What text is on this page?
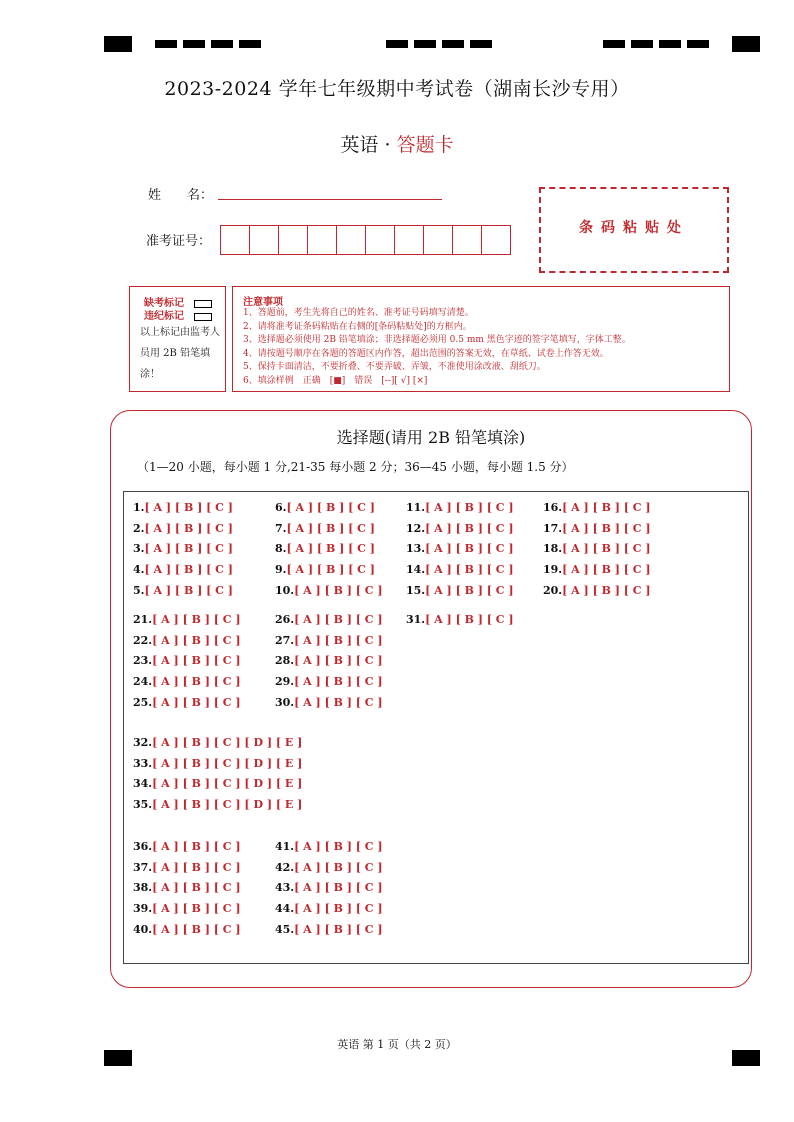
2023-2024 学年七年级期中考试卷（湖南长沙专用）
英语 · 答题卡
姓　　名：
准考证号：
条码粘贴处
缺考标记
违纪标记
以上标记由监考人员用 2B 铅笔填涂！
注意事项
1、答题前，考生先将自己的姓名、准考证号码填写清楚。
2、请将准考证条码粘贴在右侧的[条码粘贴处]的方框内。
3、选择题必须使用 2B 铅笔填涂；非选择题必须用 0.5 mm 黑色字迹的签字笔填写，字体工整。
4、请按题号顺序在各题的答题区内作答，超出范围的答案无效，在草纸、试卷上作答无效。
5、保持卡面清洁，不要折叠、不要弄破、弄皱，不准使用涂改液、刮纸刀。
6、填涂样例　正确　[■]　错误　[--][ √] [×]
选择题(请用 2B 铅笔填涂)
（1—20 小题，每小题 1 分,21-35 每小题 2 分；36—45 小题，每小题 1.5 分）
英语 第 1 页（共 2 页）
1.[ A ] [ B ] [ C ]
2.[ A ] [ B ] [ C ]
3.[ A ] [ B ] [ C ]
4.[ A ] [ B ] [ C ]
5.[ A ] [ B ] [ C ]
6.[ A ] [ B ] [ C ]
7.[ A ] [ B ] [ C ]
8.[ A ] [ B ] [ C ]
9.[ A ] [ B ] [ C ]
10.[ A ] [ B ] [ C ]
11.[ A ] [ B ] [ C ]
12.[ A ] [ B ] [ C ]
13.[ A ] [ B ] [ C ]
14.[ A ] [ B ] [ C ]
15.[ A ] [ B ] [ C ]
16.[ A ] [ B ] [ C ]
17.[ A ] [ B ] [ C ]
18.[ A ] [ B ] [ C ]
19.[ A ] [ B ] [ C ]
20.[ A ] [ B ] [ C ]
21.[ A ] [ B ] [ C ]
22.[ A ] [ B ] [ C ]
23.[ A ] [ B ] [ C ]
24.[ A ] [ B ] [ C ]
25.[ A ] [ B ] [ C ]
26.[ A ] [ B ] [ C ]
27.[ A ] [ B ] [ C ]
28.[ A ] [ B ] [ C ]
29.[ A ] [ B ] [ C ]
30.[ A ] [ B ] [ C ]
31.[ A ] [ B ] [ C ]
32.[ A ] [ B ] [ C ] [ D ] [ E ]
33.[ A ] [ B ] [ C ] [ D ] [ E ]
34.[ A ] [ B ] [ C ] [ D ] [ E ]
35.[ A ] [ B ] [ C ] [ D ] [ E ]
36.[ A ] [ B ] [ C ]
37.[ A ] [ B ] [ C ]
38.[ A ] [ B ] [ C ]
39.[ A ] [ B ] [ C ]
40.[ A ] [ B ] [ C ]
41.[ A ] [ B ] [ C ]
42.[ A ] [ B ] [ C ]
43.[ A ] [ B ] [ C ]
44.[ A ] [ B ] [ C ]
45.[ A ] [ B ] [ C ]
